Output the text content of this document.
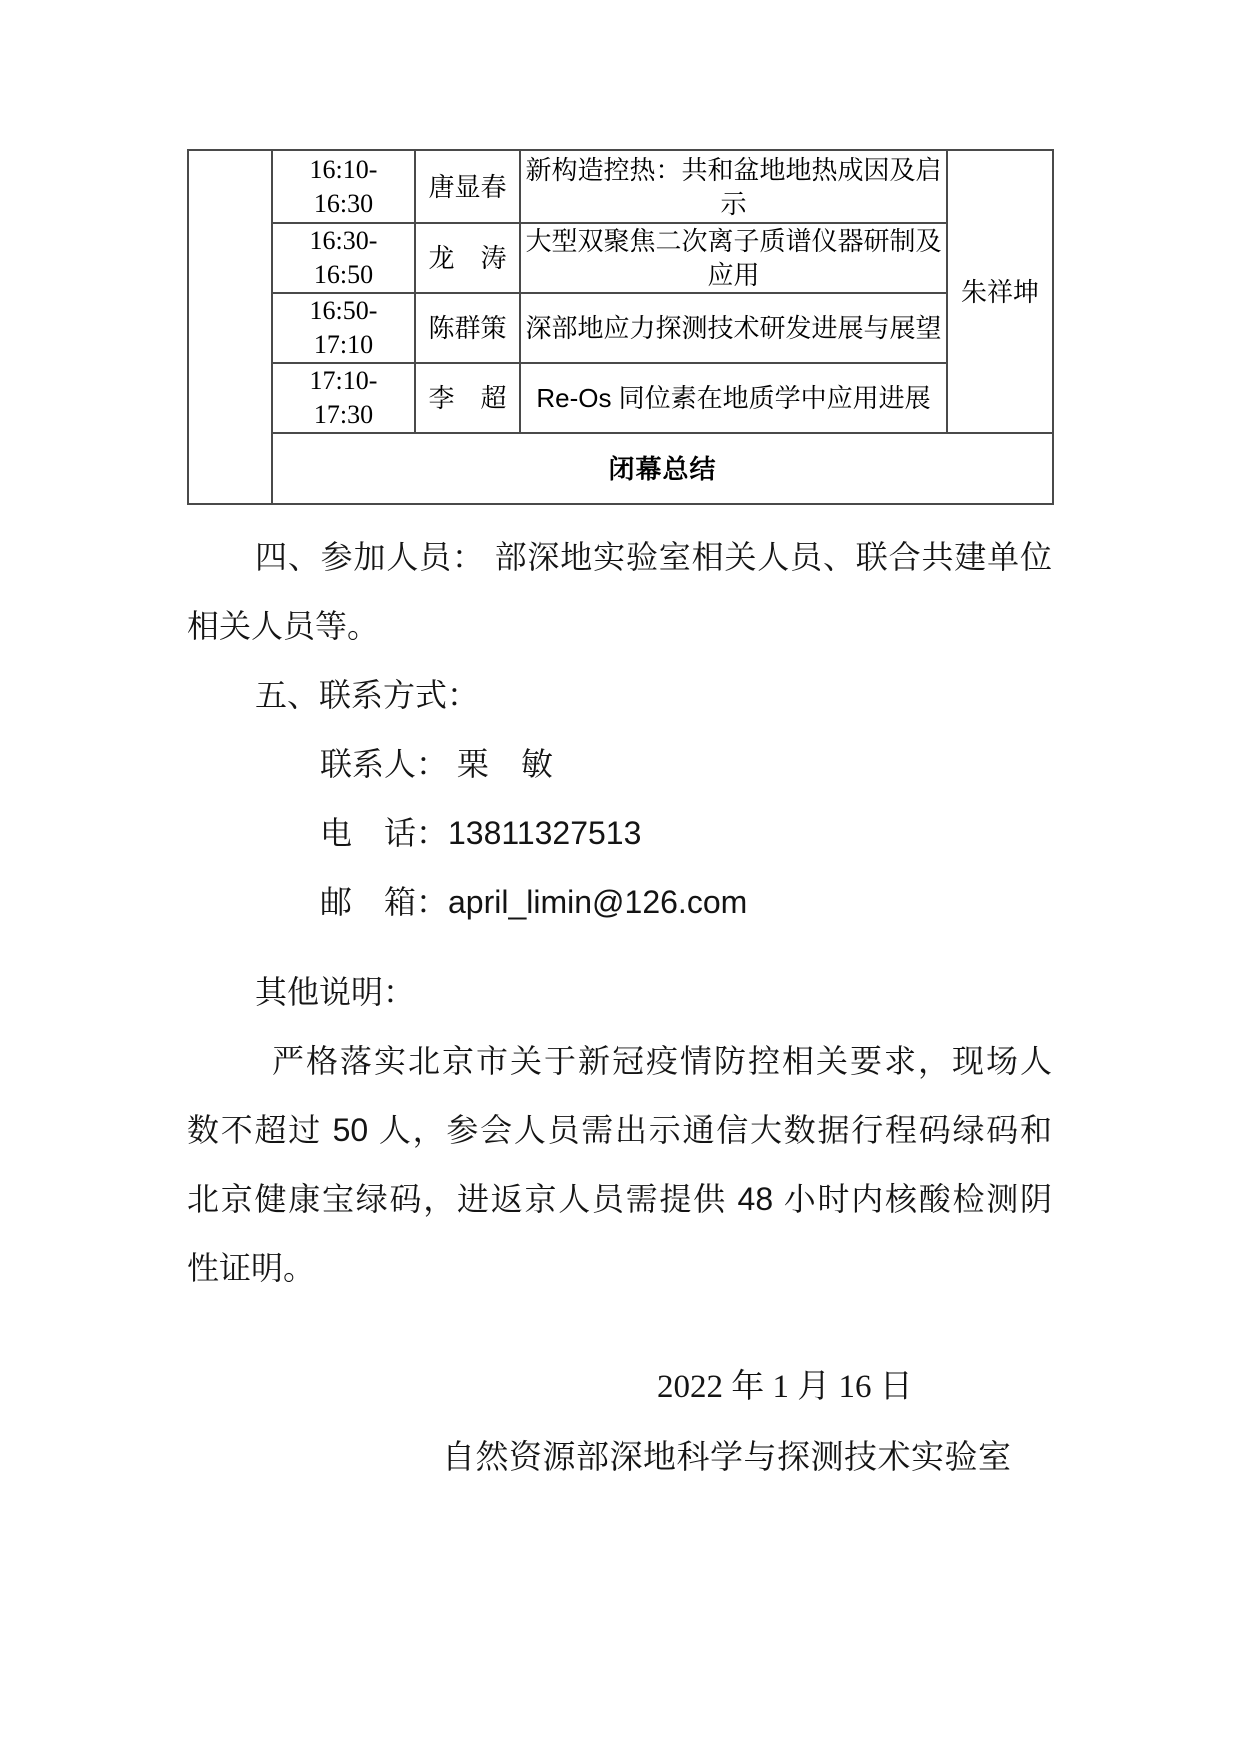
	16:10-
16:30	唐显春	新构造控热：共和盆地地热成因及启示	朱祥坤

	16:30-
16:50	龙　涛	大型双聚焦二次离子质谱仪器研制及应用	

	16:50-
17:10	陈群策	深部地应力探测技术研发进展与展望	

	17:10-
17:30	李　超	Re-Os 同位素在地质学中应用进展	
	闭幕总结			
四、参加人员： 部深地实验室相关人员、联合共建单位
相关人员等。
五、联系方式：
联系人： 栗　敏
电　话：13811327513
邮　箱：april_limin@126.com
其他说明：
严格落实北京市关于新冠疫情防控相关要求，现场人
数不超过 50 人，参会人员需出示通信大数据行程码绿码和
北京健康宝绿码，进返京人员需提供 48 小时内核酸检测阴
性证明。
2022 年 1 月 16 日
自然资源部深地科学与探测技术实验室
